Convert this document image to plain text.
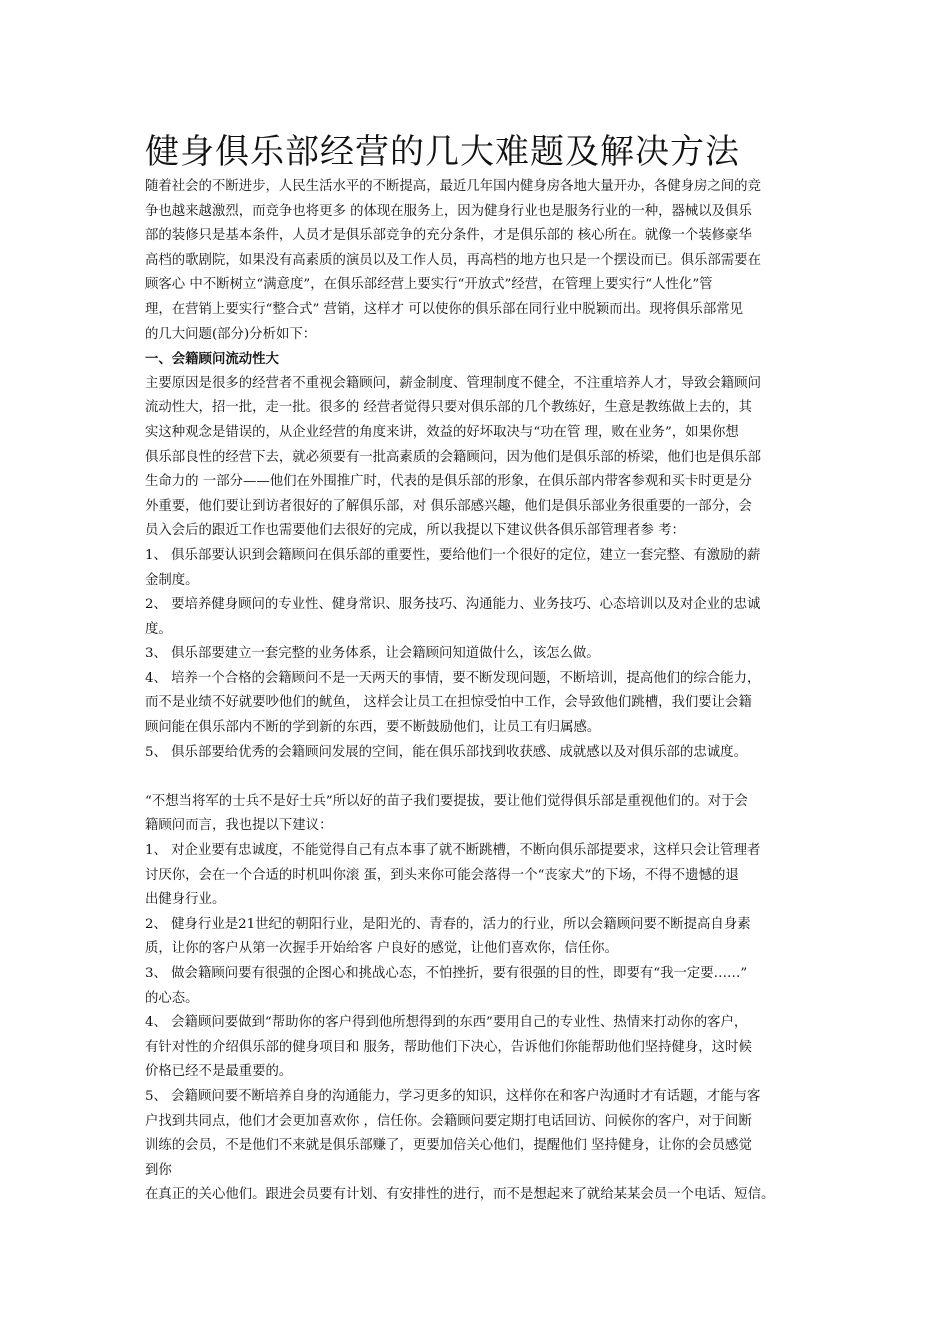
健身俱乐部经营的几大难题及解决方法
随着社会的不断进步，人民生活水平的不断提高，最近几年国内健身房各地大量开办，各健身房之间的竞
争也越来越激烈，而竞争也将更多 的体现在服务上，因为健身行业也是服务行业的一种，器械以及俱乐
部的装修只是基本条件，人员才是俱乐部竞争的充分条件，才是俱乐部的 核心所在。就像一个装修豪华
高档的歌剧院，如果没有高素质的演员以及工作人员，再高档的地方也只是一个摆设而已。俱乐部需要在
顾客心 中不断树立“满意度”，在俱乐部经营上要实行“开放式”经营，在管理上要实行“人性化”管
理，在营销上要实行“整合式” 营销，这样才 可以使你的俱乐部在同行业中脱颖而出。现将俱乐部常见
的几大问题(部分)分析如下：
一、会籍顾问流动性大
主要原因是很多的经营者不重视会籍顾问，薪金制度、管理制度不健全，不注重培养人才，导致会籍顾问
流动性大，招一批，走一批。很多的 经营者觉得只要对俱乐部的几个教练好，生意是教练做上去的，其
实这种观念是错误的，从企业经营的角度来讲，效益的好坏取决与“功在管 理，败在业务”，如果你想
俱乐部良性的经营下去，就必须要有一批高素质的会籍顾问，因为他们是俱乐部的桥梁，他们也是俱乐部
生命力的 一部分——他们在外围推广时，代表的是俱乐部的形象，在俱乐部内带客参观和买卡时更是分
外重要，他们要让到访者很好的了解俱乐部，对 俱乐部感兴趣，他们是俱乐部业务很重要的一部分，会
员入会后的跟近工作也需要他们去很好的完成，所以我提以下建议供各俱乐部管理者参 考：
1、 俱乐部要认识到会籍顾问在俱乐部的重要性，要给他们一个很好的定位，建立一套完整、有激励的薪
金制度。
2、 要培养健身顾问的专业性、健身常识、服务技巧、沟通能力、业务技巧、心态培训以及对企业的忠诚
度。
3、 俱乐部要建立一套完整的业务体系，让会籍顾问知道做什么，该怎么做。
4、 培养一个合格的会籍顾问不是一天两天的事情，要不断发现问题，不断培训，提高他们的综合能力，
而不是业绩不好就要吵他们的鱿鱼， 这样会让员工在担惊受怕中工作，会导致他们跳槽，我们要让会籍
顾问能在俱乐部内不断的学到新的东西，要不断鼓励他们，让员工有归属感。
5、 俱乐部要给优秀的会籍顾问发展的空间，能在俱乐部找到收获感、成就感以及对俱乐部的忠诚度。
“不想当将军的士兵不是好士兵”所以好的苗子我们要提拔，要让他们觉得俱乐部是重视他们的。对于会
籍顾问而言，我也提以下建议：
1、 对企业要有忠诚度，不能觉得自己有点本事了就不断跳槽，不断向俱乐部提要求，这样只会让管理者
讨厌你，会在一个合适的时机叫你滚 蛋，到头来你可能会落得一个“丧家犬”的下场，不得不遗憾的退
出健身行业。
2、 健身行业是21世纪的朝阳行业，是阳光的、青春的，活力的行业，所以会籍顾问要不断提高自身素
质，让你的客户从第一次握手开始给客 户良好的感觉，让他们喜欢你，信任你。
3、 做会籍顾问要有很强的企图心和挑战心态，不怕挫折，要有很强的目的性，即要有“我一定要……”
的心态。
4、 会籍顾问要做到“帮助你的客户得到他所想得到的东西”要用自己的专业性、热情来打动你的客户，
有针对性的介绍俱乐部的健身项目和 服务，帮助他们下决心，告诉他们你能帮助他们坚持健身，这时候
价格已经不是最重要的。
5、 会籍顾问要不断培养自身的沟通能力，学习更多的知识，这样你在和客户沟通时才有话题，才能与客
户找到共同点，他们才会更加喜欢你 ，信任你。会籍顾问要定期打电话回访、问候你的客户，对于间断
训练的会员，不是他们不来就是俱乐部赚了，更要加倍关心他们，提醒他们 坚持健身，让你的会员感觉
到你
在真正的关心他们。跟进会员要有计划、有安排性的进行，而不是想起来了就给某某会员一个电话、短信。
